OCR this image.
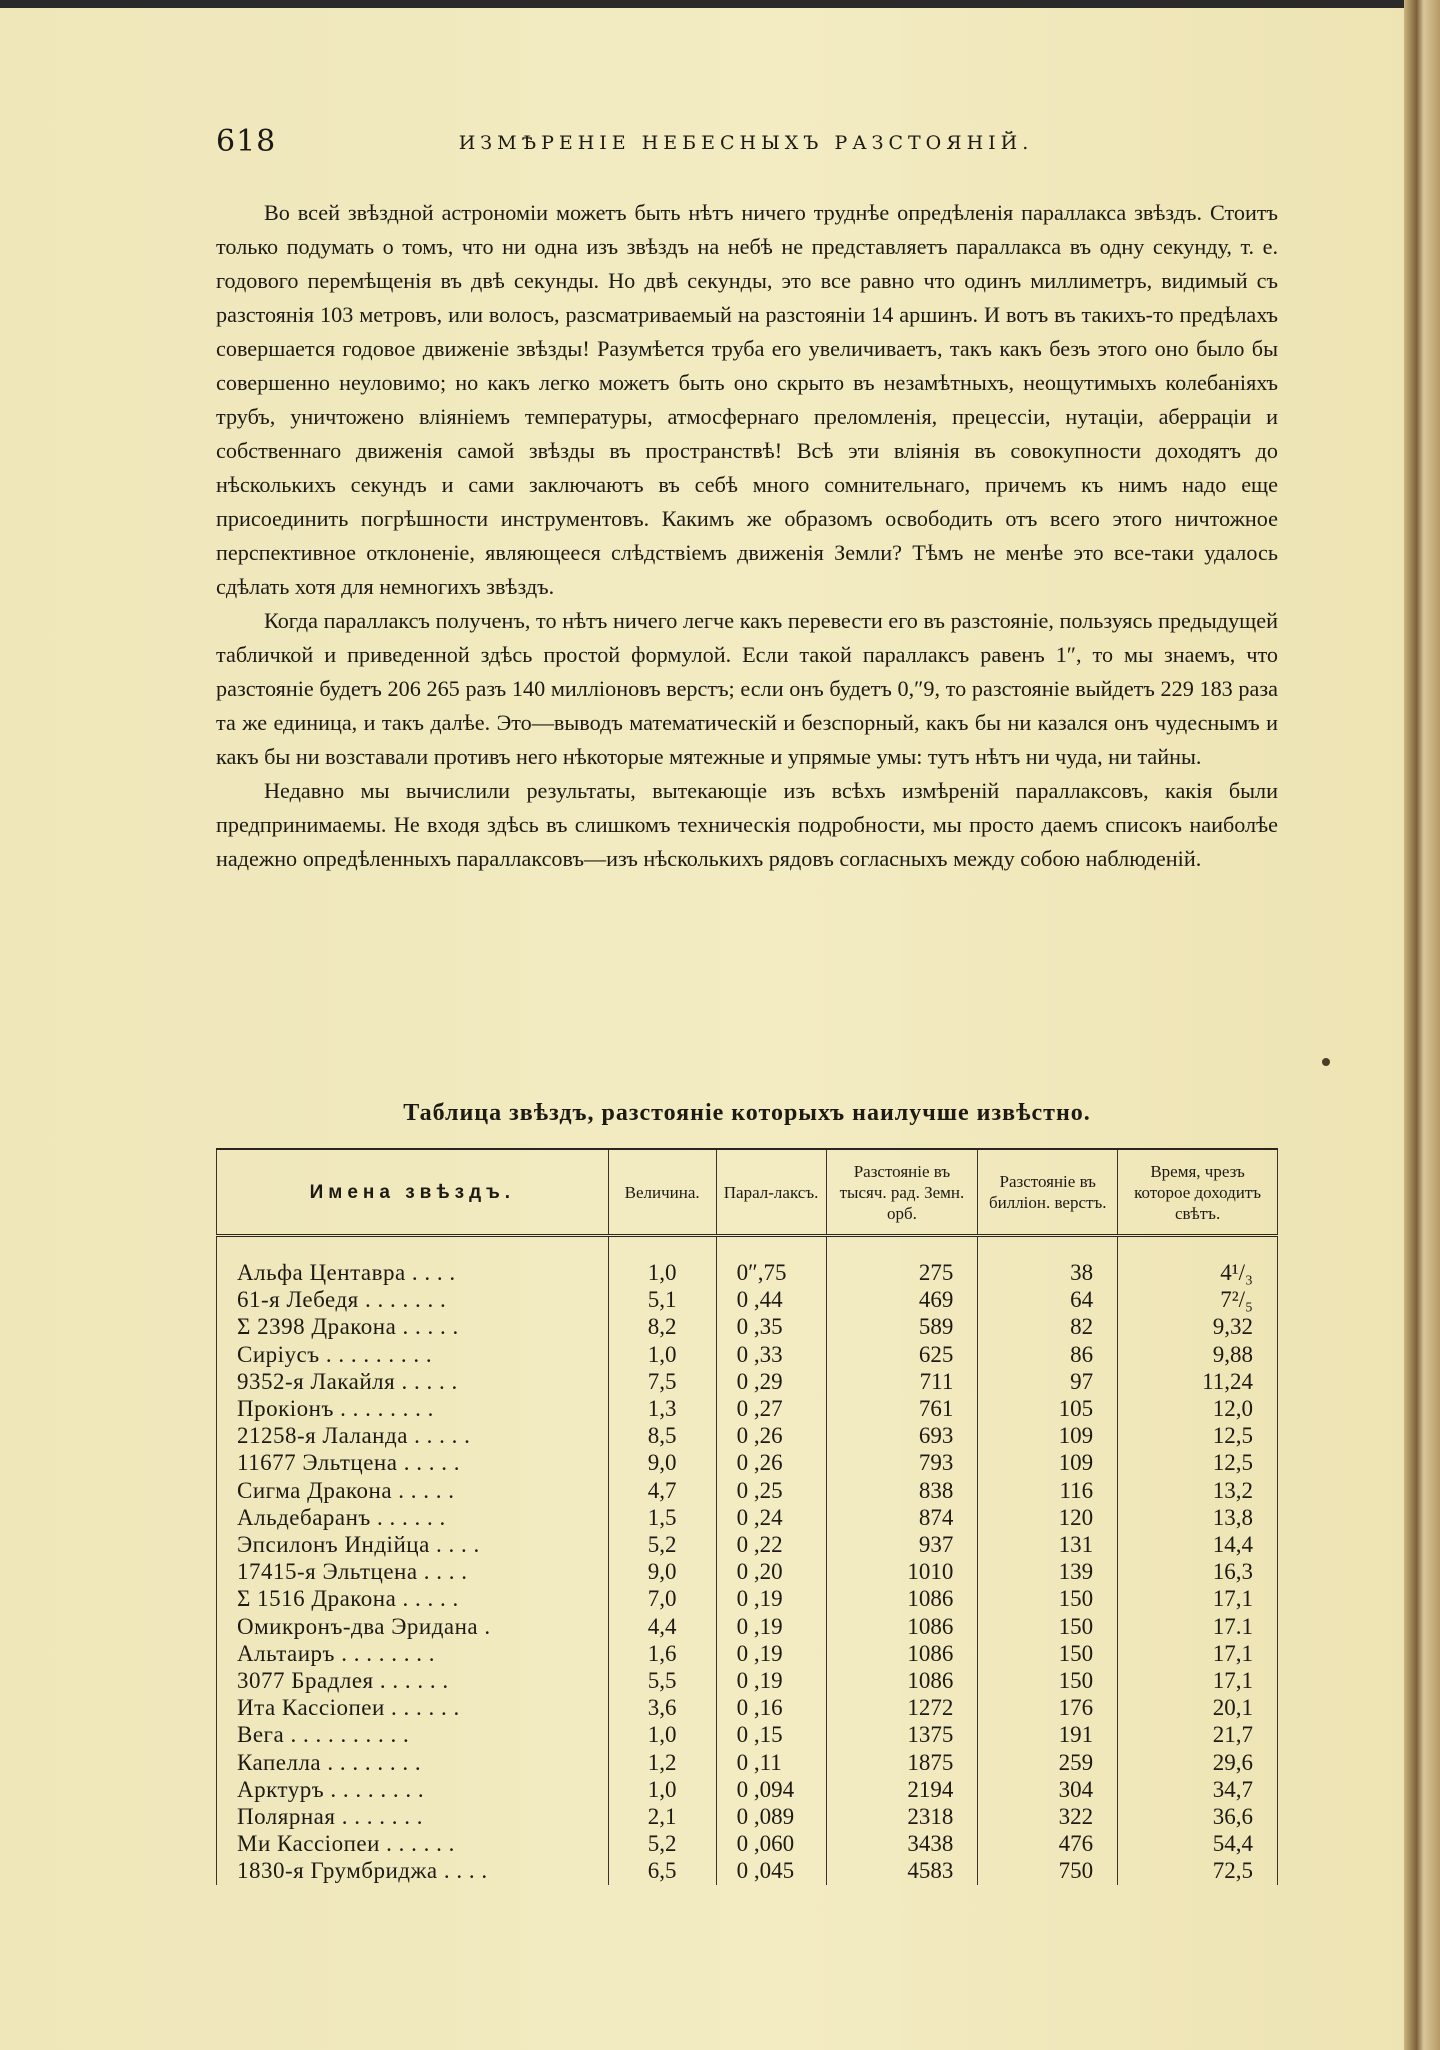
618	ИЗМѢРЕНІЕ НЕБЕСНЫХЪ РАЗСТОЯНІЙ.

Во всей звѣздной астрономіи можетъ быть нѣтъ ничего труднѣе опредѣленія параллакса звѣздъ. Стоитъ только подумать о томъ, что ни одна изъ звѣздъ на небѣ не представляетъ параллакса въ одну секунду, т. е. годового перемѣщенія въ двѣ секунды. Но двѣ секунды, это все равно что одинъ миллиметръ, видимый съ разстоянія 103 метровъ, или волосъ, разсматриваемый на разстояніи 14 аршинъ. И вотъ въ такихъ-то предѣлахъ совершается годовое движеніе звѣзды! Разумѣется труба его увеличиваетъ, такъ какъ безъ этого оно было бы совершенно неуловимо; но какъ легко можетъ быть оно скрыто въ незамѣтныхъ, неощутимыхъ колебаніяхъ трубъ, уничтожено вліяніемъ температуры, атмосфернаго преломленія, прецессіи, нутаціи, аберраціи и собственнаго движенія самой звѣзды въ пространствѣ! Всѣ эти вліянія въ совокупности доходятъ до нѣсколькихъ секундъ и сами заключаютъ въ себѣ много сомнительнаго, причемъ къ нимъ надо еще присоединить погрѣшности инструментовъ. Какимъ же образомъ освободить отъ всего этого ничтожное перспективное отклоненіе, являющееся слѣдствіемъ движенія Земли? Тѣмъ не менѣе это все-таки удалось сдѣлать хотя для немногихъ звѣздъ.

Когда параллаксъ полученъ, то нѣтъ ничего легче какъ перевести его въ разстояніе, пользуясь предыдущей табличкой и приведенной здѣсь простой формулой. Если такой параллаксъ равенъ 1″, то мы знаемъ, что разстояніе будетъ 206 265 разъ 140 милліоновъ верстъ; если онъ будетъ 0,″9, то разстояніе выйдетъ 229 183 раза та же единица, и такъ далѣе. Это—выводъ математическій и безспорный, какъ бы ни казался онъ чудеснымъ и какъ бы ни возставали противъ него нѣкоторые мятежные и упрямые умы: тутъ нѣтъ ни чуда, ни тайны.

Недавно мы вычислили результаты, вытекающіе изъ всѣхъ измѣреній параллаксовъ, какія были предпринимаемы. Не входя здѣсь въ слишкомъ техническія подробности, мы просто даемъ списокъ наиболѣе надежно опредѣленныхъ параллаксовъ—изъ нѣсколькихъ рядовъ согласныхъ между собою наблюденій.

Таблица звѣздъ, разстояніе которыхъ наилучше извѣстно.
Имена звѣздъ.	Величина.	Парал-лаксъ.	Разстояніе въ тысяч. рад. Земн. орб.	Разстояніе въ билліон. верстъ.	Время, чрезъ которое доходитъ свѣтъ.

Альфа Центавра . . . .	1,0	0″,75	275	38	4¹/₃
61-я Лебедя . . . . . . .	5,1	0 ,44	469	64	7²/₅
Σ 2398 Дракона . . . . .	8,2	0 ,35	589	82	9,32
Сиріусъ . . . . . . . . .	1,0	0 ,33	625	86	9,88
9352-я Лакайля . . . . .	7,5	0 ,29	711	97	11,24
Прокіонъ . . . . . . . .	1,3	0 ,27	761	105	12,0
21258-я Лаланда . . . . .	8,5	0 ,26	693	109	12,5
11677 Эльтцена . . . . .	9,0	0 ,26	793	109	12,5
Сигма Дракона . . . . .	4,7	0 ,25	838	116	13,2
Альдебаранъ . . . . . .	1,5	0 ,24	874	120	13,8
Эпсилонъ Индійца . . . .	5,2	0 ,22	937	131	14,4
17415-я Эльтцена . . . .	9,0	0 ,20	1010	139	16,3
Σ 1516 Дракона . . . . .	7,0	0 ,19	1086	150	17,1
Омикронъ-два Эридана .	4,4	0 ,19	1086	150	17.1
Альтаиръ . . . . . . . .	1,6	0 ,19	1086	150	17,1
3077 Брадлея . . . . . .	5,5	0 ,19	1086	150	17,1
Ита Кассіопеи . . . . . .	3,6	0 ,16	1272	176	20,1
Вега . . . . . . . . . .	1,0	0 ,15	1375	191	21,7
Капелла . . . . . . . .	1,2	0 ,11	1875	259	29,6
Арктуръ . . . . . . . .	1,0	0 ,094	2194	304	34,7
Полярная . . . . . . .	2,1	0 ,089	2318	322	36,6
Ми Кассіопеи . . . . . .	5,2	0 ,060	3438	476	54,4
1830-я Грумбриджа . . . .	6,5	0 ,045	4583	750	72,5
